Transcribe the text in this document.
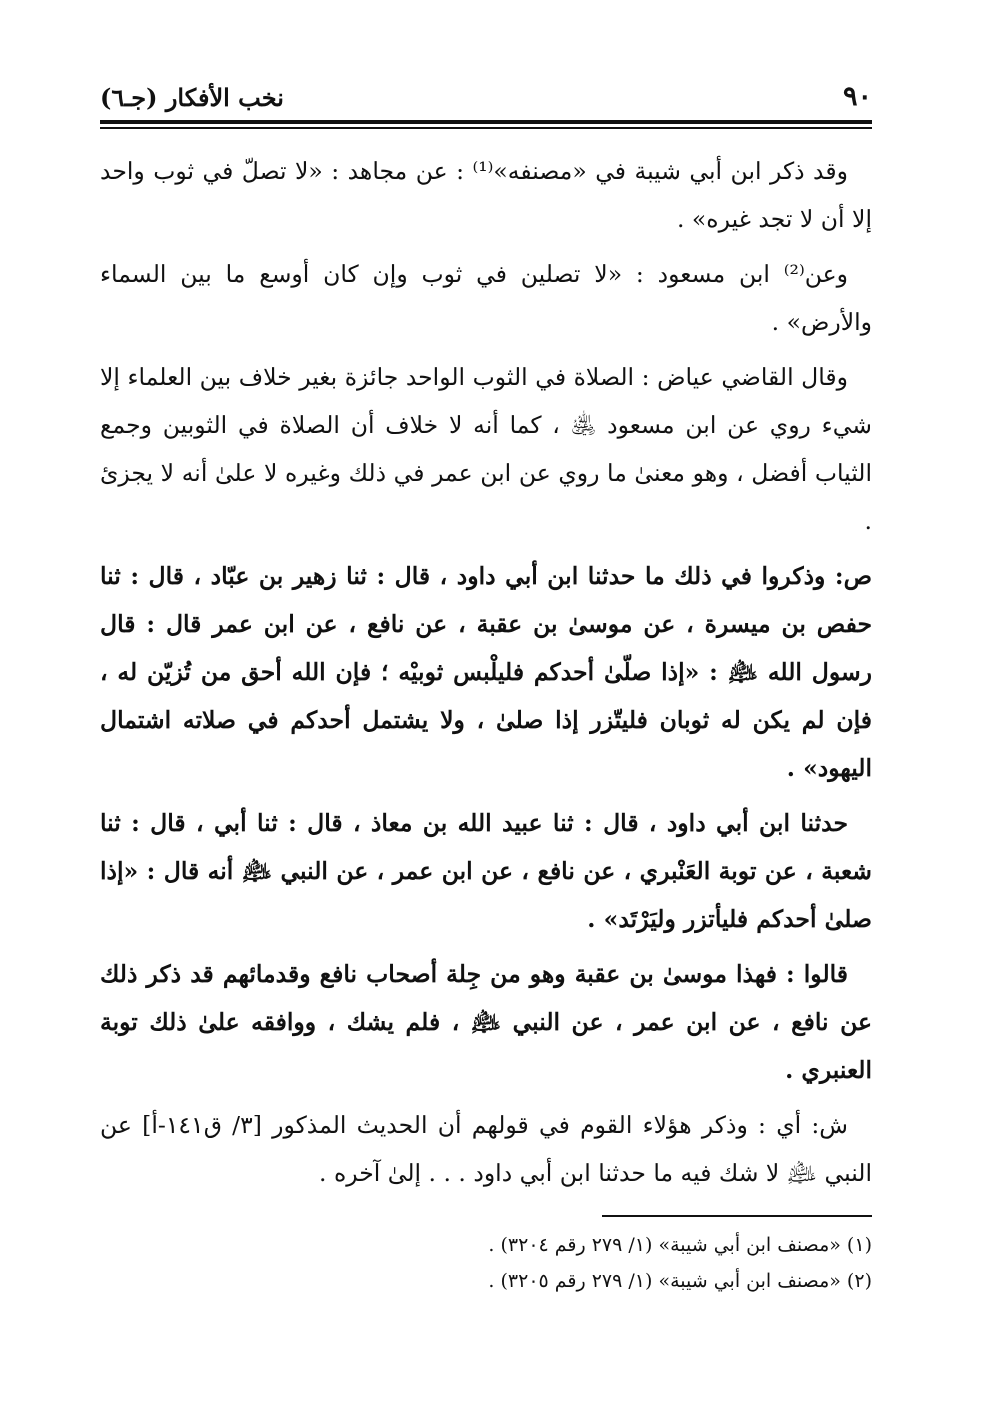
٩٠
نخب الأفكار (جـ٦)

وقد ذكر ابن أبي شيبة في «مصنفه»⁽¹⁾ : عن مجاهد : «لا تصلّ في ثوب واحد إلا أن لا تجد غيره» .

وعن⁽²⁾ ابن مسعود : «لا تصلين في ثوب وإن كان أوسع ما بين السماء والأرض» .

وقال القاضي عياض : الصلاة في الثوب الواحد جائزة بغير خلاف بين العلماء إلا شيء روي عن ابن مسعود ﵁ ، كما أنه لا خلاف أن الصلاة في الثوبين وجمع الثياب أفضل ، وهو معنىٰ ما روي عن ابن عمر في ذلك وغيره لا علىٰ أنه لا يجزئ .

ص: وذكروا في ذلك ما حدثنا ابن أبي داود ، قال : ثنا زهير بن عبّاد ، قال : ثنا حفص بن ميسرة ، عن موسىٰ بن عقبة ، عن نافع ، عن ابن عمر قال : قال رسول الله ﵇ : «إذا صلّىٰ أحدكم فليلْبس ثوبيْه ؛ فإن الله أحق من تُزيّن له ، فإن لم يكن له ثوبان فليتّزر إذا صلىٰ ، ولا يشتمل أحدكم في صلاته اشتمال اليهود» .

حدثنا ابن أبي داود ، قال : ثنا عبيد الله بن معاذ ، قال : ثنا أبي ، قال : ثنا شعبة ، عن توبة العَنْبري ، عن نافع ، عن ابن عمر ، عن النبي ﵇ أنه قال : «إذا صلىٰ أحدكم فليأتزر وليَرْتَد» .

قالوا : فهذا موسىٰ بن عقبة وهو من جِلة أصحاب نافع وقدمائهم قد ذكر ذلك عن نافع ، عن ابن عمر ، عن النبي ﵇ ، فلم يشك ، ووافقه علىٰ ذلك توبة العنبري .

ش: أي : وذكر هؤلاء القوم في قولهم أن الحديث المذكور [٣/ ق١٤١-أ] عن النبي ﵇ لا شك فيه ما حدثنا ابن أبي داود . . . إلىٰ آخره .

(١) «مصنف ابن أبي شيبة» (١/ ٢٧٩ رقم ٣٢٠٤) .

(٢) «مصنف ابن أبي شيبة» (١/ ٢٧٩ رقم ٣٢٠٥) .
